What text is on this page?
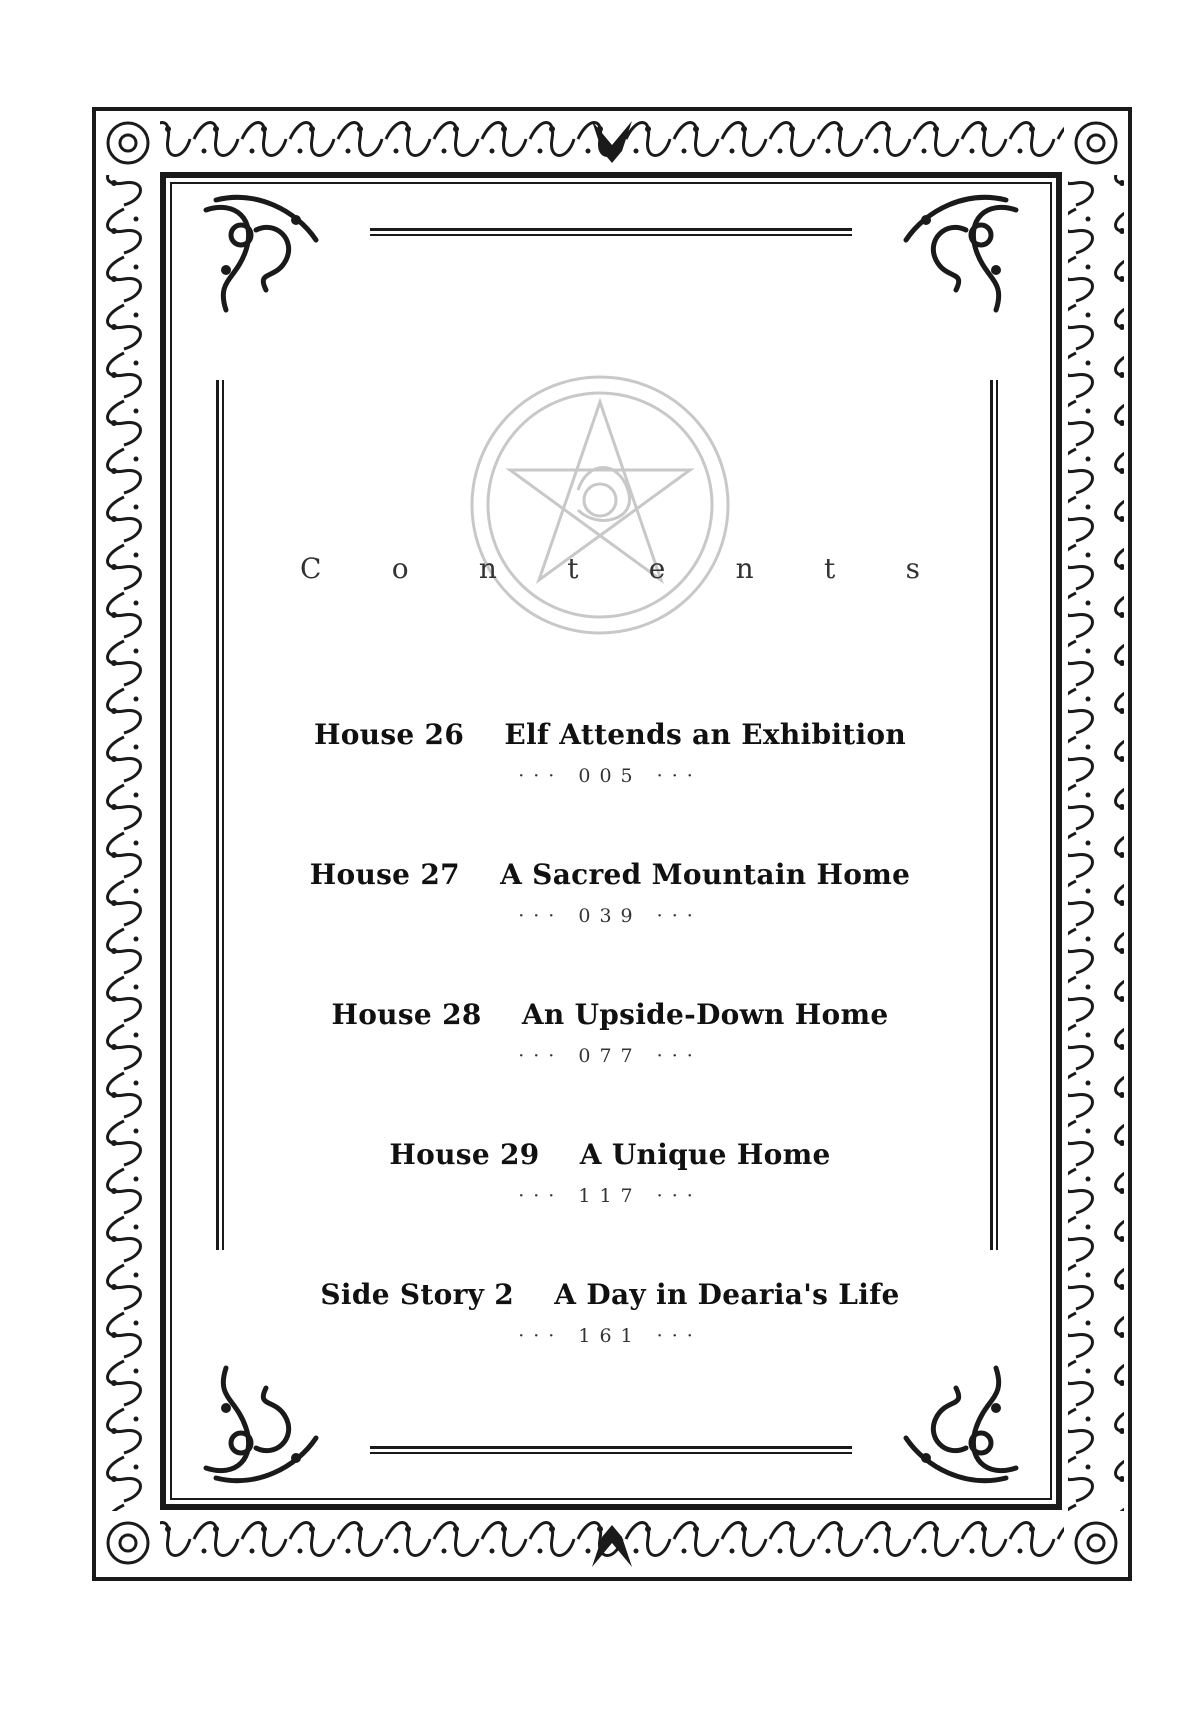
C	o	n	t	e	n	t	s
House 26 Elf Attends an Exhibition
··· 005 ···
House 27 A Sacred Mountain Home
··· 039 ···
House 28 An Upside-Down Home
··· 077 ···
House 29 A Unique Home
··· 117 ···
Side Story 2 A Day in Dearia's Life
··· 161 ···
